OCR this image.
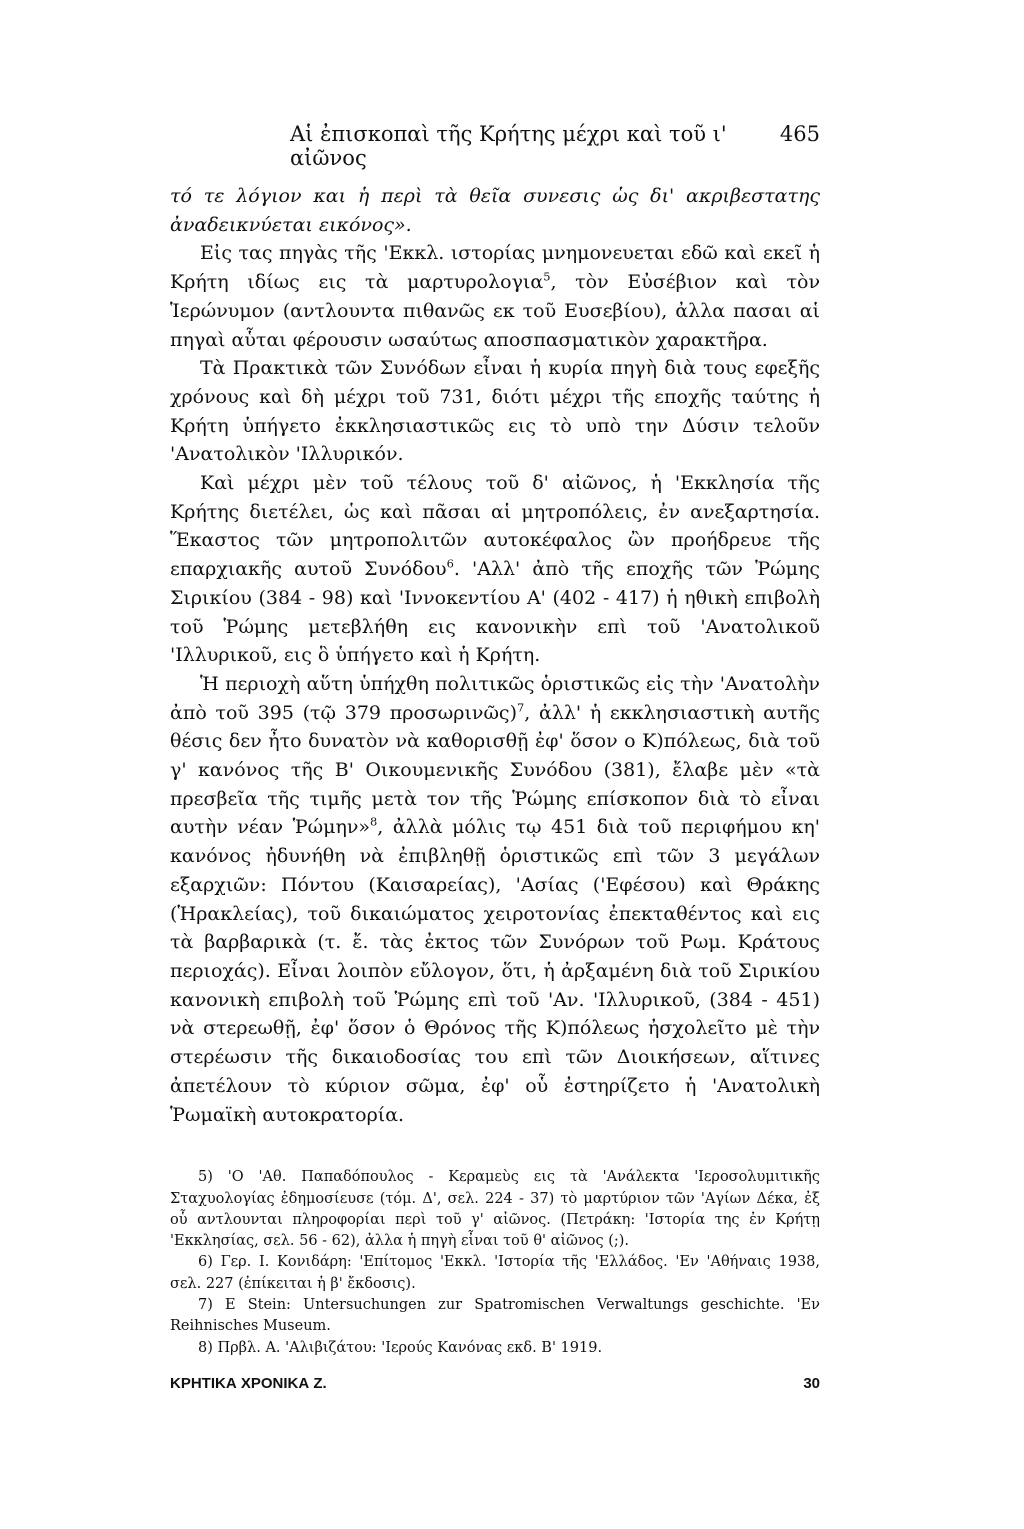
Αἱ ἐπισκοπαὶ τῆς Κρήτης μέχρι καὶ τοῦ ι' αἰῶνος
465

τό τε λόγιον και ἡ περὶ τὰ θεῖα συνεσις ὡς δι' ακριβεστατης ἀναδεικνύεται εικόνος».

Εἰς τας πηγὰς τῆς 'Εκκλ. ιστορίας μνημονευεται εδῶ καὶ εκεῖ ἡ Κρήτη ιδίως εις τὰ μαρτυρολογια$^5$, τὸν Εὐσέβιον καὶ τὸν Ἱερώνυμον (αντλουντα πιθανῶς εκ τοῦ Ευσεβίου), ἀλλα πασαι αἱ πηγαὶ αὗται φέρουσιν ωσαύτως αποσπασματικὸν χαρακτῆρα.

Τὰ Πρακτικὰ τῶν Συνόδων εἶναι ἡ κυρία πηγὴ διὰ τους εφεξῆς χρόνους καὶ δὴ μέχρι τοῦ 731, διότι μέχρι τῆς εποχῆς ταύτης ἡ Κρήτη ὑπήγετο ἐκκλησιαστικῶς εις τὸ υπὸ την Δύσιν τελοῦν 'Ανατολικὸν 'Ιλλυρικόν.

Καὶ μέχρι μὲν τοῦ τέλους τοῦ δ' αἰῶνος, ἡ 'Εκκλησία τῆς Κρήτης διετέλει, ὡς καὶ πᾶσαι αἱ μητροπόλεις, ἐν ανεξαρτησία. Ἕκαστος τῶν μητροπολιτῶν αυτοκέφαλος ὢν προήδρευε τῆς επαρχιακῆς αυτοῦ Συνόδου$^6$. 'Αλλ' ἀπὸ τῆς εποχῆς τῶν Ῥώμης Σιρικίου (384 - 98) καὶ 'Ιννοκεντίου Α' (402 - 417) ἡ ηθικὴ επιβολὴ τοῦ Ῥώμης μετεβλήθη εις κανονικὴν επὶ τοῦ 'Ανατολικοῦ 'Ιλλυρικοῦ, εις ὃ ὑπήγετο καὶ ἡ Κρήτη.

Ἡ περιοχὴ αὕτη ὑπήχθη πολιτικῶς ὁριστικῶς εἰς τὴν 'Ανατολὴν ἀπὸ τοῦ 395 (τῷ 379 προσωρινῶς)$^7$, ἀλλ' ἡ εκκλησιαστικὴ αυτῆς θέσις δεν ἦτο δυνατὸν νὰ καθορισθῇ ἐφ' ὅσον ο Κ)πόλεως, διὰ τοῦ γ' κανόνος τῆς Β' Οικουμενικῆς Συνόδου (381), ἔλαβε μὲν «τὰ πρεσβεῖα τῆς τιμῆς μετὰ τον τῆς Ῥώμης επίσκοπον διὰ τὸ εἶναι αυτὴν νέαν Ῥώμην»$^8$, ἀλλὰ μόλις τῳ 451 διὰ τοῦ περιφήμου κη' κανόνος ἠδυνήθη νὰ ἐπιβληθῇ ὁριστικῶς επὶ τῶν 3 μεγάλων εξαρχιῶν: Πόντου (Καισαρείας), 'Ασίας ('Εφέσου) καὶ Θράκης (Ἡρακλείας), τοῦ δικαιώματος χειροτονίας ἐπεκταθέντος καὶ εις τὰ βαρβαρικὰ (τ. ἔ. τὰς ἐκτος τῶν Συνόρων τοῦ Ρωμ. Κράτους περιοχάς). Εἶναι λοιπὸν εὔλογον, ὅτι, ἡ ἀρξαμένη διὰ τοῦ Σιρικίου κανονικὴ επιβολὴ τοῦ Ῥώμης επὶ τοῦ 'Αν. 'Ιλλυρικοῦ, (384 - 451) νὰ στερεωθῇ, ἐφ' ὅσον ὁ Θρόνος τῆς Κ)πόλεως ἠσχολεῖτο μὲ τὴν στερέωσιν τῆς δικαιοδοσίας του επὶ τῶν Διοικήσεων, αἵτινες ἀπετέλουν τὸ κύριον σῶμα, ἐφ' οὗ ἐστηρίζετο ἡ 'Ανατολικὴ Ῥωμαϊκὴ αυτοκρατορία.

5) 'Ο 'Αθ. Παπαδόπουλος - Κεραμεὺς εις τὰ 'Ανάλεκτα 'Ιεροσολυμιτικῆς Σταχυολογίας ἐδημοσίευσε (τόμ. Δ', σελ. 224 - 37) τὸ μαρτύριον τῶν 'Αγίων Δέκα, ἐξ οὗ αντλουνται πληροφορίαι περὶ τοῦ γ' αἰῶνος. (Πετράκη: 'Ιστορία της ἐν Κρήτῃ 'Εκκλησίας, σελ. 56 - 62), ἀλλα ἡ πηγὴ εἶναι τοῦ θ' αἰῶνος (;).

6) Γερ. Ι. Κονιδάρη: 'Επίτομος 'Εκκλ. 'Ιστορία τῆς 'Ελλάδος. 'Εν 'Αθήναις 1938, σελ. 227 (ἐπίκειται ἡ β' ἔκδοσις).

7) E Stein: Untersuchungen zur Spatromischen Verwaltungs geschichte. 'Εν Reihnisches Museum.

8) Πρβλ. Α. 'Αλιβιζάτου: 'Ιερούς Κανόνας εκδ. Β' 1919.

ΚΡΗΤΙΚΑ ΧΡΟΝΙΚΑ Ζ.	30
